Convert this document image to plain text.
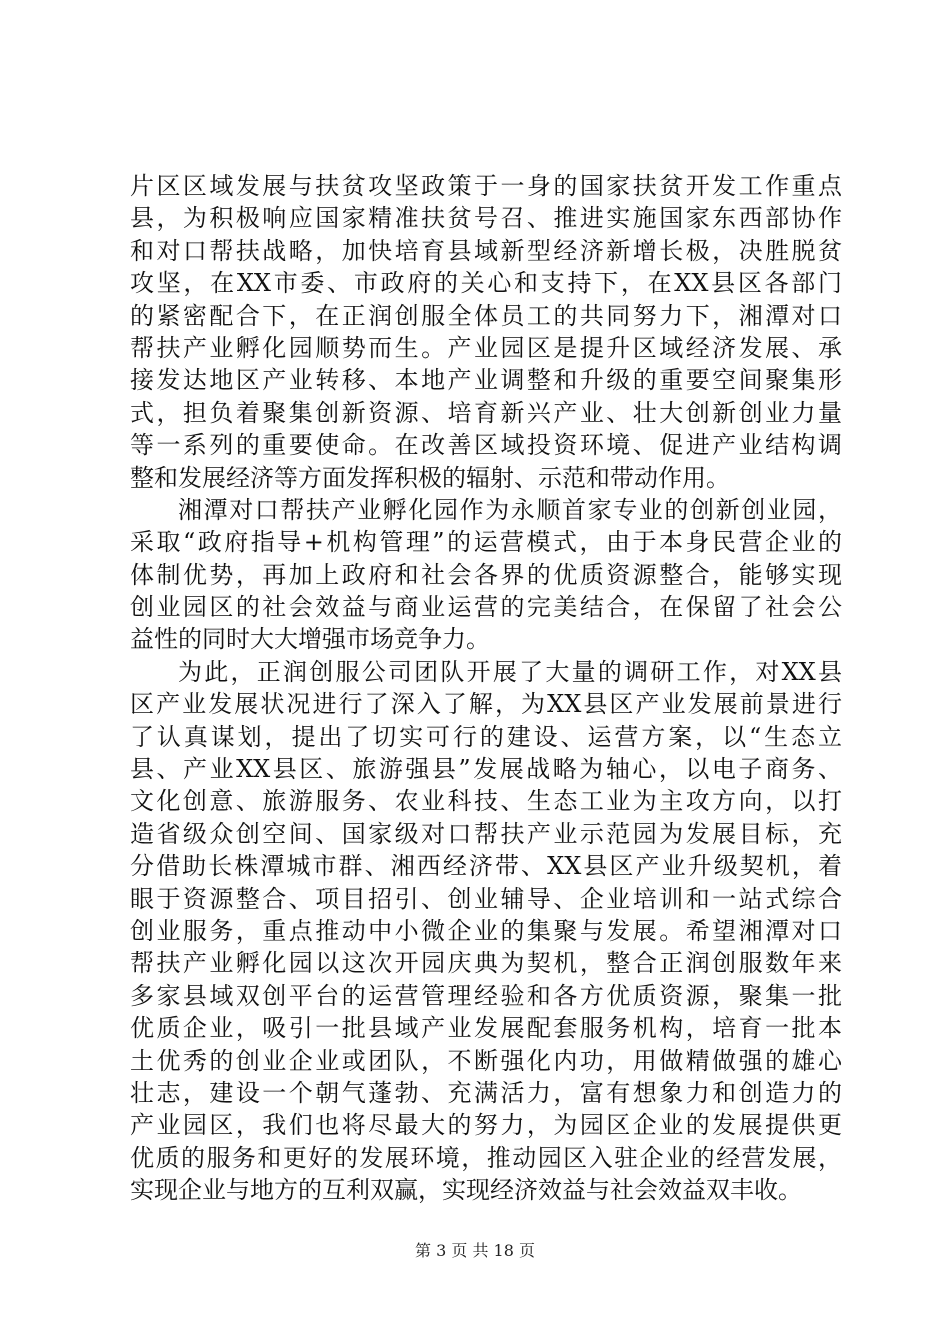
片区区域发展与扶贫攻坚政策于一身的国家扶贫开发工作重点
县，为积极响应国家精准扶贫号召、推进实施国家东西部协作
和对口帮扶战略，加快培育县域新型经济新增长极，决胜脱贫
攻坚，在XX市委、市政府的关心和支持下，在XX县区各部门
的紧密配合下，在正润创服全体员工的共同努力下，湘潭对口
帮扶产业孵化园顺势而生。产业园区是提升区域经济发展、承
接发达地区产业转移、本地产业调整和升级的重要空间聚集形
式，担负着聚集创新资源、培育新兴产业、壮大创新创业力量
等一系列的重要使命。在改善区域投资环境、促进产业结构调
整和发展经济等方面发挥积极的辐射、示范和带动作用。
湘潭对口帮扶产业孵化园作为永顺首家专业的创新创业园，
采取“政府指导+机构管理”的运营模式，由于本身民营企业的
体制优势，再加上政府和社会各界的优质资源整合，能够实现
创业园区的社会效益与商业运营的完美结合，在保留了社会公
益性的同时大大增强市场竞争力。
为此，正润创服公司团队开展了大量的调研工作，对XX县
区产业发展状况进行了深入了解，为XX县区产业发展前景进行
了认真谋划，提出了切实可行的建设、运营方案，以“生态立
县、产业XX县区、旅游强县”发展战略为轴心，以电子商务、
文化创意、旅游服务、农业科技、生态工业为主攻方向，以打
造省级众创空间、国家级对口帮扶产业示范园为发展目标，充
分借助长株潭城市群、湘西经济带、XX县区产业升级契机，着
眼于资源整合、项目招引、创业辅导、企业培训和一站式综合
创业服务，重点推动中小微企业的集聚与发展。希望湘潭对口
帮扶产业孵化园以这次开园庆典为契机，整合正润创服数年来
多家县域双创平台的运营管理经验和各方优质资源，聚集一批
优质企业，吸引一批县域产业发展配套服务机构，培育一批本
土优秀的创业企业或团队，不断强化内功，用做精做强的雄心
壮志，建设一个朝气蓬勃、充满活力，富有想象力和创造力的
产业园区，我们也将尽最大的努力，为园区企业的发展提供更
优质的服务和更好的发展环境，推动园区入驻企业的经营发展，
实现企业与地方的互利双赢，实现经济效益与社会效益双丰收。
第 3 页 共 18 页
